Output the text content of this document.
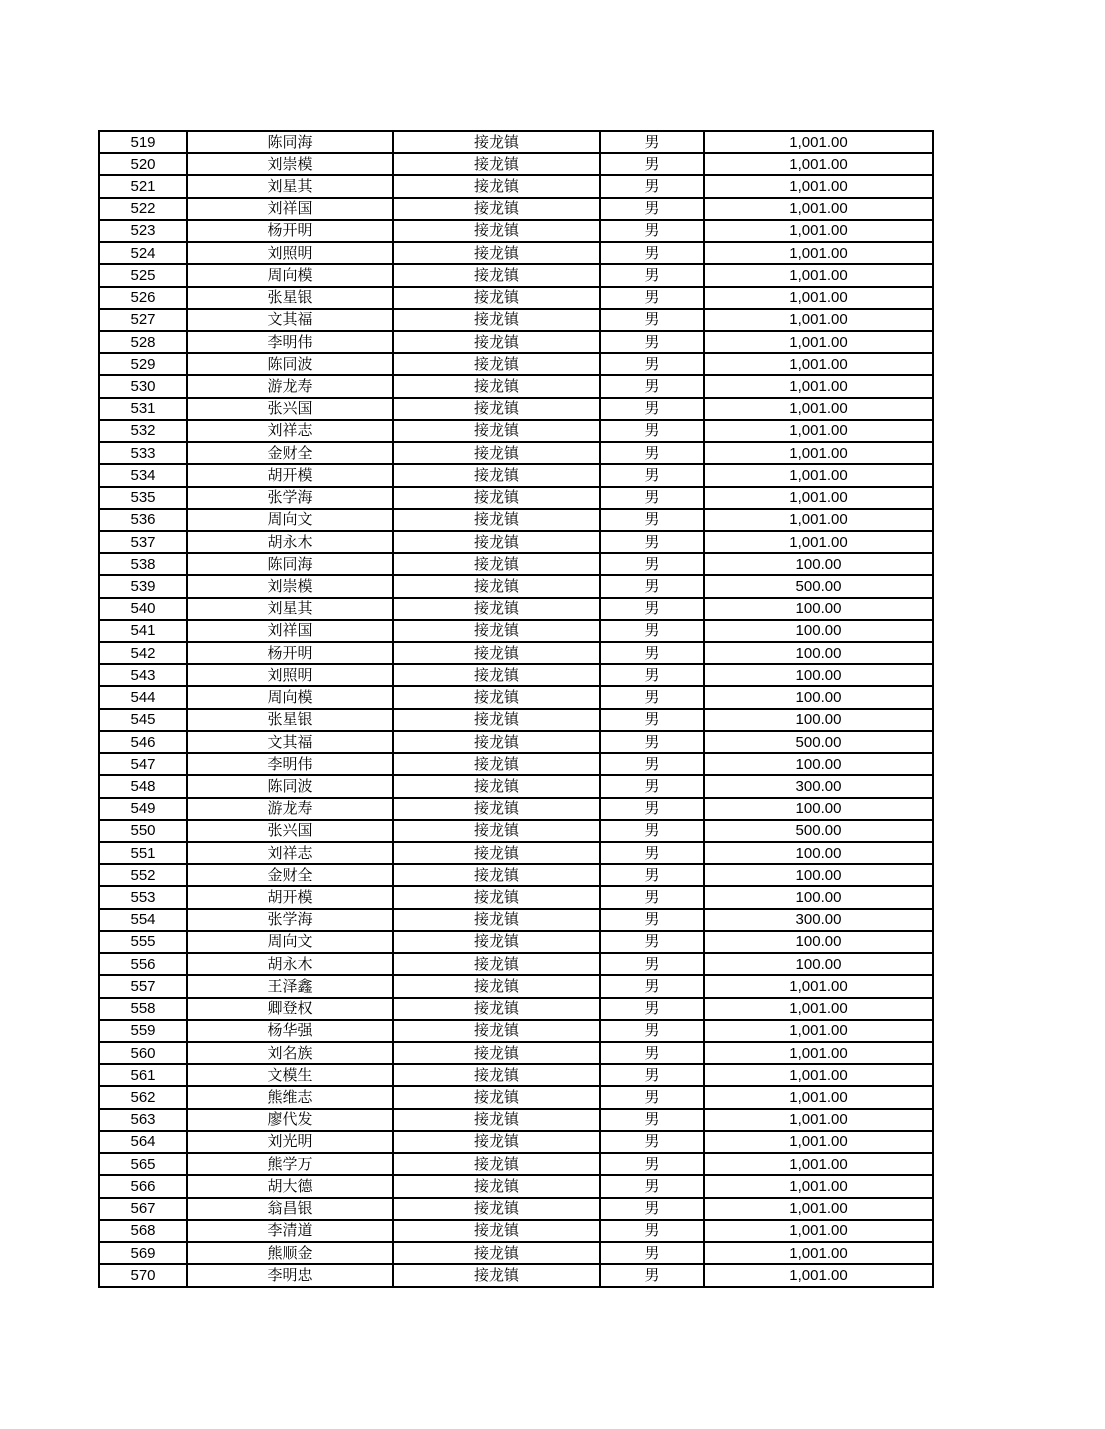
519	陈同海	接龙镇	男	1,001.00
520	刘崇模	接龙镇	男	1,001.00
521	刘星其	接龙镇	男	1,001.00
522	刘祥国	接龙镇	男	1,001.00
523	杨开明	接龙镇	男	1,001.00
524	刘照明	接龙镇	男	1,001.00
525	周向模	接龙镇	男	1,001.00
526	张星银	接龙镇	男	1,001.00
527	文其福	接龙镇	男	1,001.00
528	李明伟	接龙镇	男	1,001.00
529	陈同波	接龙镇	男	1,001.00
530	游龙寿	接龙镇	男	1,001.00
531	张兴国	接龙镇	男	1,001.00
532	刘祥志	接龙镇	男	1,001.00
533	金财全	接龙镇	男	1,001.00
534	胡开模	接龙镇	男	1,001.00
535	张学海	接龙镇	男	1,001.00
536	周向文	接龙镇	男	1,001.00
537	胡永木	接龙镇	男	1,001.00
538	陈同海	接龙镇	男	100.00
539	刘崇模	接龙镇	男	500.00
540	刘星其	接龙镇	男	100.00
541	刘祥国	接龙镇	男	100.00
542	杨开明	接龙镇	男	100.00
543	刘照明	接龙镇	男	100.00
544	周向模	接龙镇	男	100.00
545	张星银	接龙镇	男	100.00
546	文其福	接龙镇	男	500.00
547	李明伟	接龙镇	男	100.00
548	陈同波	接龙镇	男	300.00
549	游龙寿	接龙镇	男	100.00
550	张兴国	接龙镇	男	500.00
551	刘祥志	接龙镇	男	100.00
552	金财全	接龙镇	男	100.00
553	胡开模	接龙镇	男	100.00
554	张学海	接龙镇	男	300.00
555	周向文	接龙镇	男	100.00
556	胡永木	接龙镇	男	100.00
557	王泽鑫	接龙镇	男	1,001.00
558	卿登权	接龙镇	男	1,001.00
559	杨华强	接龙镇	男	1,001.00
560	刘名族	接龙镇	男	1,001.00
561	文模生	接龙镇	男	1,001.00
562	熊维志	接龙镇	男	1,001.00
563	廖代发	接龙镇	男	1,001.00
564	刘光明	接龙镇	男	1,001.00
565	熊学万	接龙镇	男	1,001.00
566	胡大德	接龙镇	男	1,001.00
567	翁昌银	接龙镇	男	1,001.00
568	李清道	接龙镇	男	1,001.00
569	熊顺金	接龙镇	男	1,001.00
570	李明忠	接龙镇	男	1,001.00
